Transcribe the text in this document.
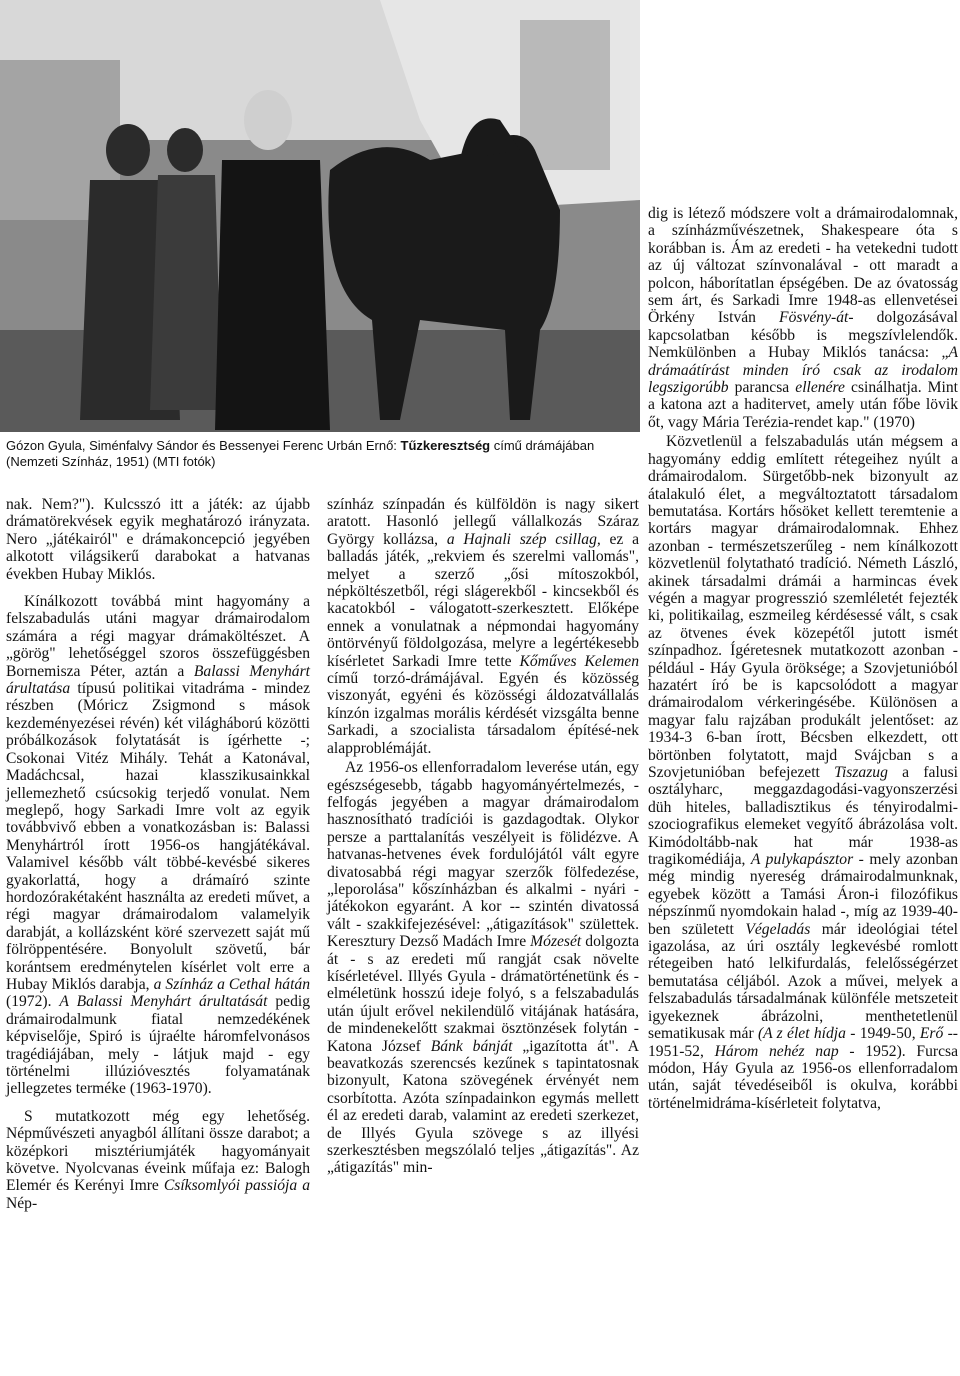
Gózon Gyula, Siménfalvy Sándor és Bessenyei Ferenc Urbán Ernő: Tűzkeresztség című drámájában
(Nemzeti Színház, 1951) (MTI fotók)

nak. Nem?"). Kulcsszó itt a játék: az újabb drámatörekvések egyik meghatározó irányzata. Nero „játékairól" e drámakoncepció jegyében alkotott világsikerű darabokat a hatvanas években Hubay Miklós.

Kínálkozott továbbá mint hagyomány a felszabadulás utáni magyar drámairodalom számára a régi magyar drámaköltészet. A „görög" lehetőséggel szoros összefüggésben Bornemisza Péter, aztán a Balassi Menyhárt árultatása típusú politikai vitadráma - mindez részben (Móricz Zsigmond s mások kezdeményezései révén) két világháború közötti próbálkozások folytatását is ígérhette -; Csokonai Vitéz Mihály. Tehát a Katonával, Madáchcsal, hazai klasszikusainkkal jellemezhető csúcsokig terjedő vonulat. Nem meglepő, hogy Sarkadi Imre volt az egyik továbbvivő ebben a vonatkozásban is: Balassi Menyhártról írott 1956-os hangjátékával. Valamivel később vált többé-kevésbé sikeres gyakorlattá, hogy a drámaíró szinte hordozórakétaként használta az eredeti művet, a régi magyar drámairodalom valamelyik darabját, a kollázsként köré szervezett saját mű fölröppentésére. Bonyolult szövetű, bár korántsem eredménytelen kísérlet volt erre a Hubay Miklós darabja, a Színház a Cethal hátán (1972). A Balassi Menyhárt árultatását pedig drámairodalmunk fiatal nemzedékének képviselője, Spiró is újraélte háromfelvonásos tragédiájában, mely - látjuk majd - egy történelmi illúzióvesztés folyamatának jellegzetes terméke (1963-1970).

S mutatkozott még egy lehetőség. Népművészeti anyagból állítani össze darabot; a középkori misztériumjáték hagyományait követve. Nyolcvanas éveink műfaja ez: Balogh Elemér és Kerényi Imre Csíksomlyói passiója a Nép-

színház színpadán és külföldön is nagy sikert aratott. Hasonló jellegű vállalkozás Száraz György kollázsa, a Hajnali szép csillag, ez a balladás játék, „rekviem és szerelmi vallomás", melyet a szerző „ősi mítoszokból, népköltészetből, régi slágerekből - kincsekből és kacatokból - válogatott-szerkesztett. Előképe ennek a vonulatnak a népmondai hagyomány öntörvényű földolgozása, melyre a legértékesebb kísérletet Sarkadi Imre tette Kőműves Kelemen című torzó-drámájával. Egyén és közösség viszonyát, egyéni és közösségi áldozatvállalás kínzón izgalmas morális kérdését vizsgálta benne Sarkadi, a szocialista társadalom építésé-nek alapproblémáját.

Az 1956-os ellenforradalom leverése után, egy egészségesebb, tágabb hagyományértelmezés, -felfogás jegyében a magyar drámairodalom hasznosítható tradíciói is gazdagodtak. Olykor persze a parttalanítás veszélyeit is fölidézve. A hatvanas-hetvenes évek fordulójától vált egyre divatosabbá régi magyar szerzők fölfedezése, „leporolása" kőszínházban és alkalmi - nyári - játékokon egyaránt. A kor -- szintén divatossá vált - szakkifejezésével: „átigazítások" születtek. Keresztury Dezső Madách Imre Mózesét dolgozta át - s az eredeti mű rangját csak növelte kísérletével. Illyés Gyula - drámatörténetünk és -elméletünk hosszú ideje folyó, s a felszabadulás után újult erővel nekilendülő vitájának hatására, de mindenekelőtt szakmai ösztönzések folytán - Katona József Bánk bánját „igazította át". A beavatkozás szerencsés kezűnek s tapintatosnak bizonyult, Katona szövegének érvényét nem csorbította. Azóta színpadainkon egymás mellett él az eredeti darab, valamint az eredeti szerkezet, de Illyés Gyula szövege s az illyési szerkesztésben megszólaló teljes „átigazítás". Az „átigazítás" min-

dig is létező módszere volt a drámairodalomnak, a színházművészetnek, Shakespeare óta s korábban is. Ám az eredeti - ha vetekedni tudott az új változat színvonalával - ott maradt a polcon, háborítatlan épségében. De az óvatosság sem árt, és Sarkadi Imre 1948-as ellenvetései Örkény István Fösvény-át- dolgozásával kapcsolatban később is megszívlelendők. Nemkülönben a Hubay Miklós tanácsa: „A drámaátírást minden író csak az irodalom legszigorúbb parancsa ellenére csinálhatja. Mint a katona azt a haditervet, amely után főbe lövik őt, vagy Mária Terézia-rendet kap." (1970)

Közvetlenül a felszabadulás után mégsem a hagyomány eddig említett rétegeihez nyúlt a drámairodalom. Sürgetőbb-nek bizonyult az átalakuló élet, a megváltoztatott társadalom bemutatása. Kortárs hősöket kellett teremtenie a kortárs magyar drámairodalomnak. Ehhez azonban - természetszerűleg - nem kínálkozott közvetlenül folytatható tradíció. Németh László, akinek társadalmi drámái a harmincas évek végén a magyar progresszió szemléletét fejezték ki, politikailag, eszmeileg kérdésessé vált, s csak az ötvenes évek közepétől jutott ismét színpadhoz. Ígéretesnek mutatkozott azonban - például - Háy Gyula öröksége; a Szovjetunióból hazatért író be is kapcsolódott a magyar drámairodalom vérkeringésébe. Különösen a magyar falu rajzában produkált jelentőset: az 1934-3 6-ban írott, Bécsben elkezdett, ott börtönben folytatott, majd Svájcban s a Szovjetunióban befejezett Tiszazug a falusi osztályharc, meggazdagodási-vagyonszerzési düh hiteles, balladisztikus és tényirodalmi-szociografikus elemeket vegyítő ábrázolása volt. Kimódoltább-nak hat már 1938-as tragikomédiája, A pulykapásztor - mely azonban még mindig nyereség drámairodalmunknak, egyebek között a Tamási Áron-i filozófikus népszínmű nyomdokain halad -, míg az 1939-40-ben született Végeladás már ideológiai tétel igazolása, az úri osztály legkevésbé romlott rétegeiben ható lelkifurdalás, felelősségérzet bemutatása céljából. Azok a művei, melyek a felszabadulás társadalmának különféle metszeteit igyekeznek ábrázolni, menthetetlenül sematikusak már (A z élet hídja - 1949-50, Erő -- 1951-52, Három nehéz nap - 1952). Furcsa módon, Háy Gyula az 1956-os ellenforradalom után, saját tévedéseiből is okulva, korábbi történelmidráma-kísérleteit folytatva,
